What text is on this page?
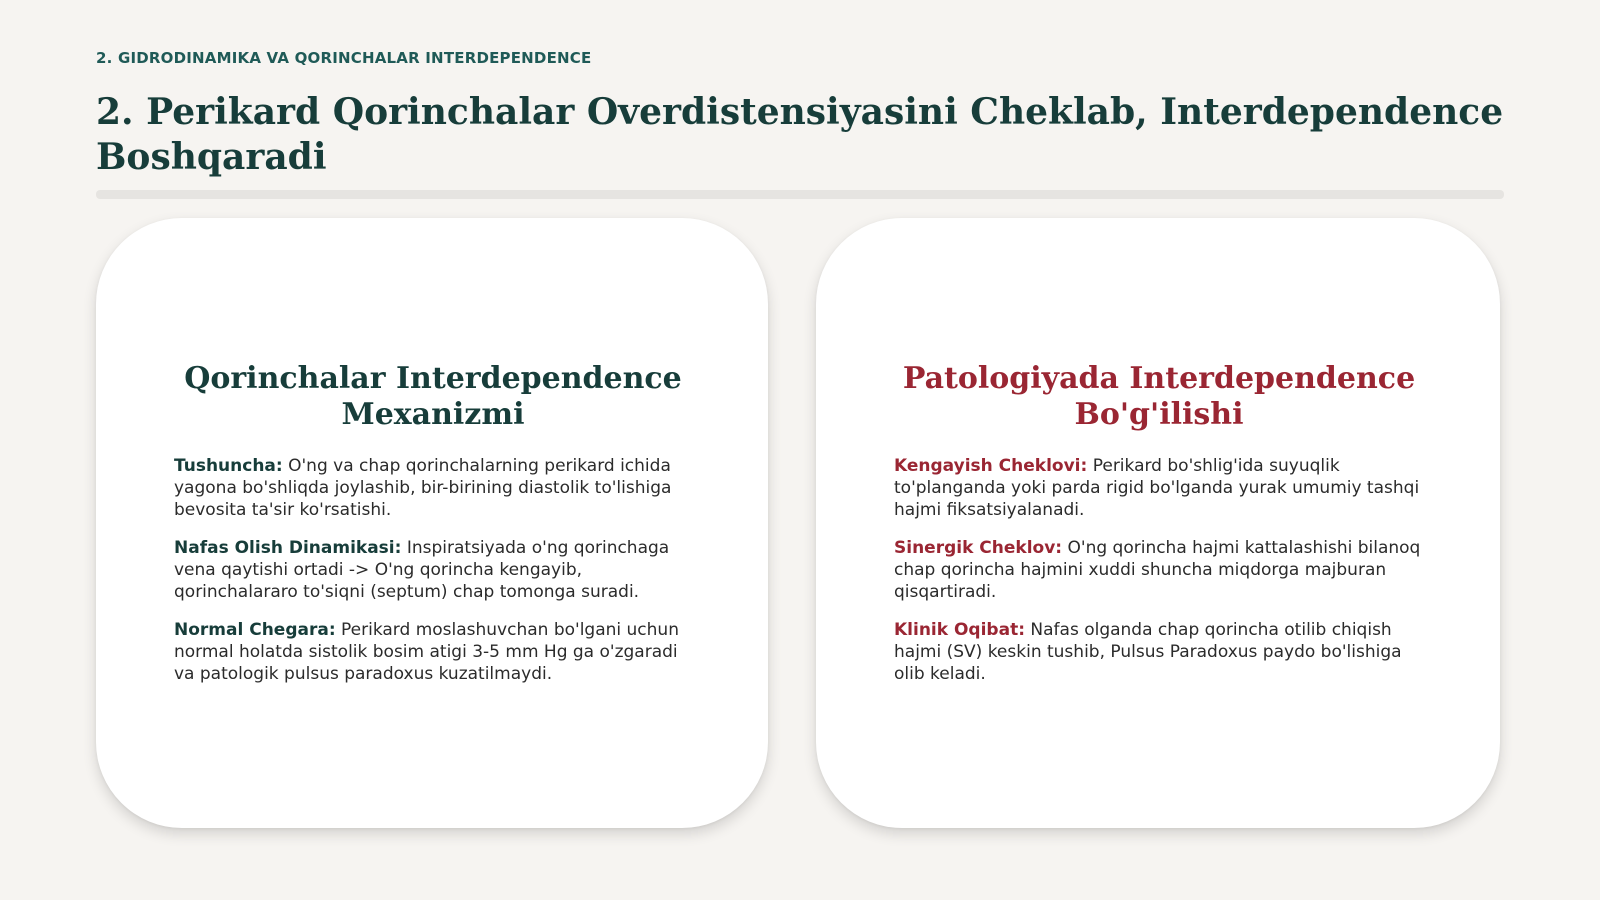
2. GIDRODINAMIKA VA QORINCHALAR INTERDEPENDENCE
2. Perikard Qorinchalar Overdistensiyasini Cheklab, Interdependence Boshqaradi
Qorinchalar Interdependence Mexanizmi

Tushuncha: O'ng va chap qorinchalarning perikard ichida yagona bo'shliqda joylashib, bir-birining diastolik to'lishiga bevosita ta'sir ko'rsatishi.

Nafas Olish Dinamikasi: Inspiratsiyada o'ng qorinchaga vena qaytishi ortadi -> O'ng qorincha kengayib, qorinchalararo to'siqni (septum) chap tomonga suradi.

Normal Chegara: Perikard moslashuvchan bo'lgani uchun normal holatda sistolik bosim atigi 3-5 mm Hg ga o'zgaradi va patologik pulsus paradoxus kuzatilmaydi.

Patologiyada Interdependence Bo'g'ilishi

Kengayish Cheklovi: Perikard bo'shlig'ida suyuqlik to'planganda yoki parda rigid bo'lganda yurak umumiy tashqi hajmi fiksatsiyalanadi.

Sinergik Cheklov: O'ng qorincha hajmi kattalashishi bilanoq chap qorincha hajmini xuddi shuncha miqdorga majburan qisqartiradi.

Klinik Oqibat: Nafas olganda chap qorincha otilib chiqish hajmi (SV) keskin tushib, Pulsus Paradoxus paydo bo'lishiga olib keladi.
